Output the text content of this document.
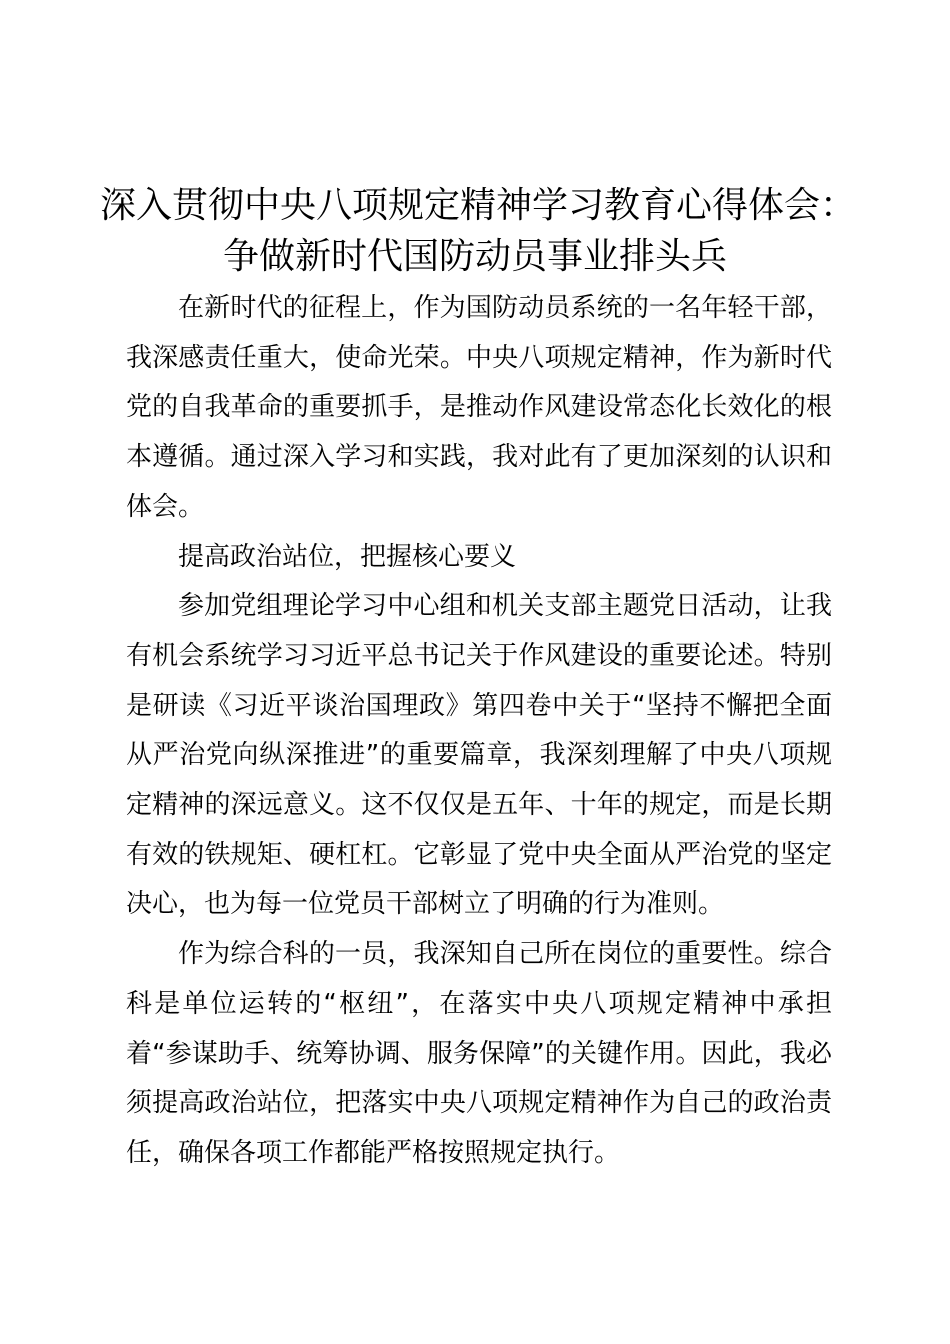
深入贯彻中央八项规定精神学习教育心得体会：
争做新时代国防动员事业排头兵

在新时代的征程上，作为国防动员系统的一名年轻干部，我深感责任重大，使命光荣。中央八项规定精神，作为新时代党的自我革命的重要抓手，是推动作风建设常态化长效化的根本遵循。通过深入学习和实践，我对此有了更加深刻的认识和体会。

提高政治站位，把握核心要义

参加党组理论学习中心组和机关支部主题党日活动，让我有机会系统学习习近平总书记关于作风建设的重要论述。特别是研读《习近平谈治国理政》第四卷中关于“坚持不懈把全面从严治党向纵深推进”的重要篇章，我深刻理解了中央八项规定精神的深远意义。这不仅仅是五年、十年的规定，而是长期有效的铁规矩、硬杠杠。它彰显了党中央全面从严治党的坚定决心，也为每一位党员干部树立了明确的行为准则。

作为综合科的一员，我深知自己所在岗位的重要性。综合科是单位运转的“枢纽”，在落实中央八项规定精神中承担着“参谋助手、统筹协调、服务保障”的关键作用。因此，我必须提高政治站位，把落实中央八项规定精神作为自己的政治责任，确保各项工作都能严格按照规定执行。
